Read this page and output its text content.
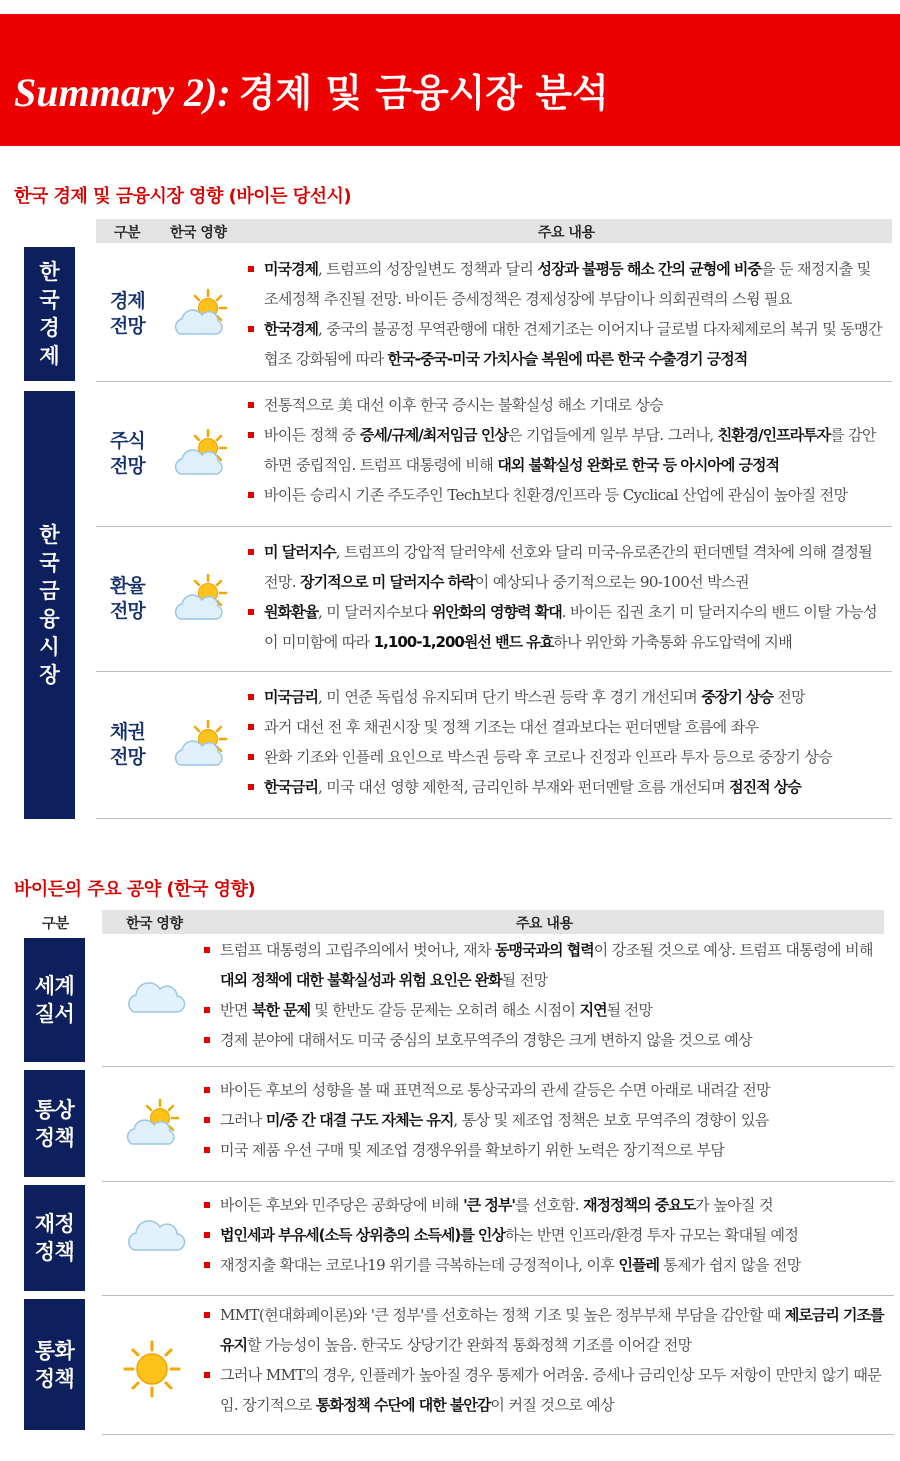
Summary 2): 경제 및 금융시장 분석
한국 경제 및 금융시장 영향 (바이든 당선시)
구분 한국 영향	주요 내용
한국경제
한국금융시장
경제
전망
미국경제, 트럼프의 성장일변도 정책과 달리 성장과 불평등 해소 간의 균형에 비중을 둔 재정지출 및 조세정책 추진될 전망. 바이든 증세정책은 경제성장에 부담이나 의회권력의 스윙 필요
한국경제, 중국의 불공정 무역관행에 대한 견제기조는 이어지나 글로벌 다자체제로의 복귀 및 동맹간 협조 강화됨에 따라 한국-중국-미국 가치사슬 복원에 따른 한국 수출경기 긍정적
주식
전망
전통적으로 美 대선 이후 한국 증시는 불확실성 해소 기대로 상승
바이든 정책 중 증세/규제/최저임금 인상은 기업들에게 일부 부담. 그러나, 친환경/인프라투자를 감안하면 중립적임. 트럼프 대통령에 비해 대외 불확실성 완화로 한국 등 아시아에 긍정적
바이든 승리시 기존 주도주인 Tech보다 친환경/인프라 등 Cyclical 산업에 관심이 높아질 전망
환율
전망
미 달러지수, 트럼프의 강압적 달러약세 선호와 달리 미국-유로존간의 펀더멘털 격차에 의해 결정될 전망. 장기적으로 미 달러지수 하락이 예상되나 중기적으로는 90-100선 박스권
원화환율, 미 달러지수보다 위안화의 영향력 확대. 바이든 집권 초기 미 달러지수의 밴드 이탈 가능성이 미미함에 따라 1,100-1,200원선 밴드 유효하나 위안화 가축통화 유도압력에 지배
채권
전망
미국금리, 미 연준 독립성 유지되며 단기 박스권 등락 후 경기 개선되며 중장기 상승 전망
과거 대선 전 후 채권시장 및 정책 기조는 대선 결과보다는 펀더멘탈 흐름에 좌우
완화 기조와 인플레 요인으로 박스권 등락 후 코로나 진정과 인프라 투자 등으로 중장기 상승
한국금리, 미국 대선 영향 제한적, 금리인하 부재와 펀더멘탈 흐름 개선되며 점진적 상승
바이든의 주요 공약 (한국 영향)
한국 영향	주요 내용
구분
세계
질서
트럼프 대통령의 고립주의에서 벗어나, 재차 동맹국과의 협력이 강조될 것으로 예상. 트럼프 대통령에 비해 대외 정책에 대한 불확실성과 위험 요인은 완화될 전망
반면 북한 문제 및 한반도 갈등 문제는 오히려 해소 시점이 지연될 전망
경제 분야에 대해서도 미국 중심의 보호무역주의 경향은 크게 변하지 않을 것으로 예상
통상
정책
바이든 후보의 성향을 볼 때 표면적으로 통상국과의 관세 갈등은 수면 아래로 내려갈 전망
그러나 미/중 간 대결 구도 자체는 유지, 통상 및 제조업 정책은 보호 무역주의 경향이 있음
미국 제품 우선 구매 및 제조업 경쟁우위를 확보하기 위한 노력은 장기적으로 부담
재정
정책
바이든 후보와 민주당은 공화당에 비해 '큰 정부'를 선호함. 재정정책의 중요도가 높아질 것
법인세과 부유세(소득 상위층의 소득세)를 인상하는 반면 인프라/환경 투자 규모는 확대될 예정
재정지출 확대는 코로나19 위기를 극복하는데 긍정적이나, 이후 인플레 통제가 쉽지 않을 전망
통화
정책
MMT(현대화폐이론)와 '큰 정부'를 선호하는 정책 기조 및 높은 정부부채 부담을 감안할 때 제로금리 기조를 유지할 가능성이 높음. 한국도 상당기간 완화적 통화정책 기조를 이어갈 전망
그러나 MMT의 경우, 인플레가 높아질 경우 통제가 어려움. 증세나 금리인상 모두 저항이 만만치 않기 때문임. 장기적으로 통화정책 수단에 대한 불안감이 커질 것으로 예상
